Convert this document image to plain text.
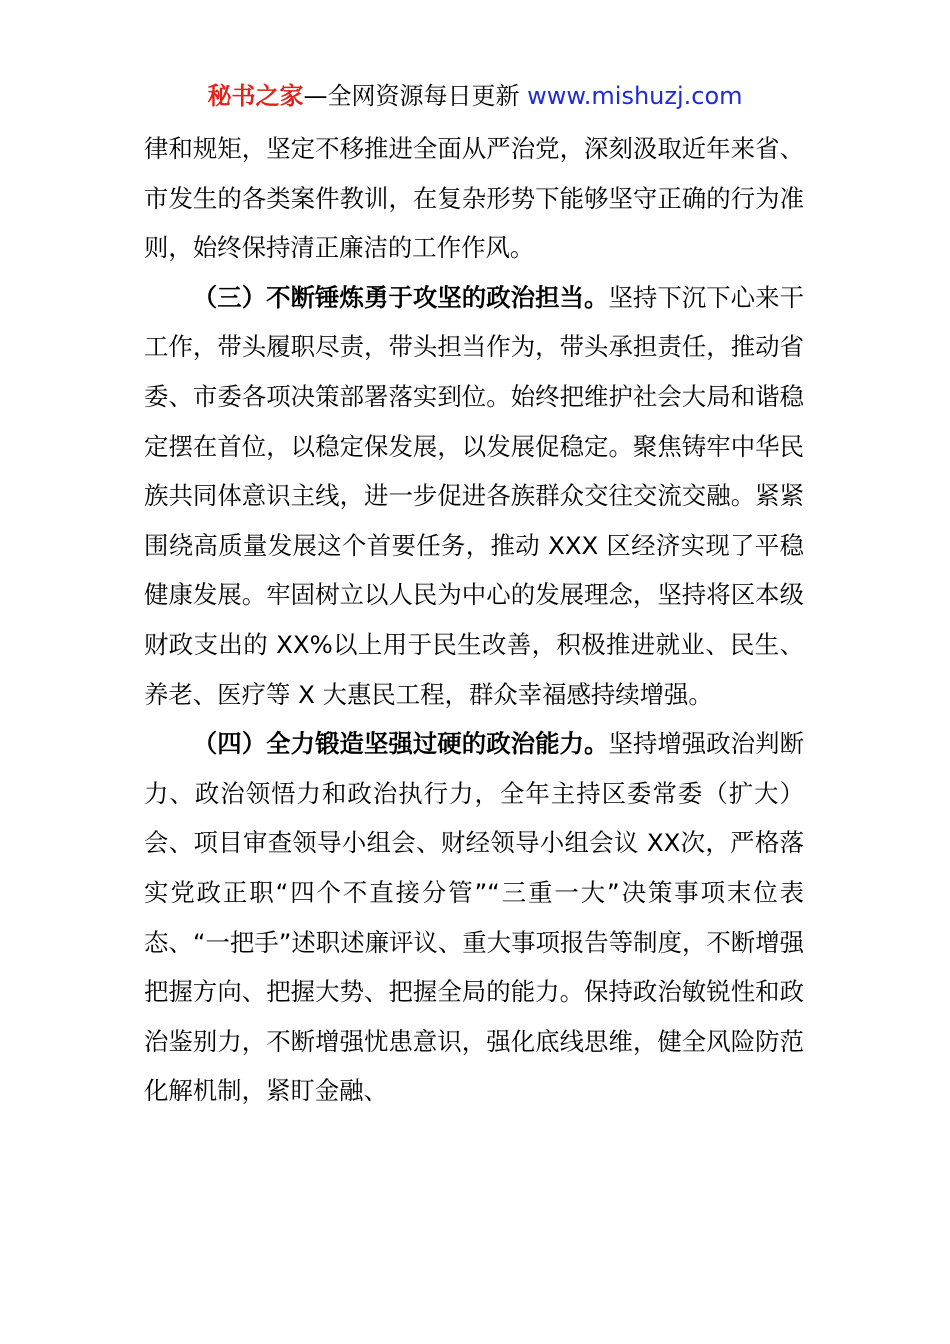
秘书之家—全网资源每日更新 www.mishuzj.com

律和规矩，坚定不移推进全面从严治党，深刻汲取近年来省、市发生的各类案件教训，在复杂形势下能够坚守正确的行为准则，始终保持清正廉洁的工作作风。

（三）不断锤炼勇于攻坚的政治担当。坚持下沉下心来干工作，带头履职尽责，带头担当作为，带头承担责任，推动省委、市委各项决策部署落实到位。始终把维护社会大局和谐稳定摆在首位，以稳定保发展，以发展促稳定。聚焦铸牢中华民族共同体意识主线，进一步促进各族群众交往交流交融。紧紧围绕高质量发展这个首要任务，推动 XXX 区经济实现了平稳健康发展。牢固树立以人民为中心的发展理念，坚持将区本级财政支出的 XX%以上用于民生改善，积极推进就业、民生、养老、医疗等 X 大惠民工程，群众幸福感持续增强。

（四）全力锻造坚强过硬的政治能力。坚持增强政治判断力、政治领悟力和政治执行力，全年主持区委常委（扩大）会、项目审查领导小组会、财经领导小组会议 XX次，严格落实党政正职“四个不直接分管”“三重一大”决策事项末位表态、“一把手”述职述廉评议、重大事项报告等制度，不断增强把握方向、把握大势、把握全局的能力。保持政治敏锐性和政治鉴别力，不断增强忧患意识，强化底线思维，健全风险防范化解机制，紧盯金融、
